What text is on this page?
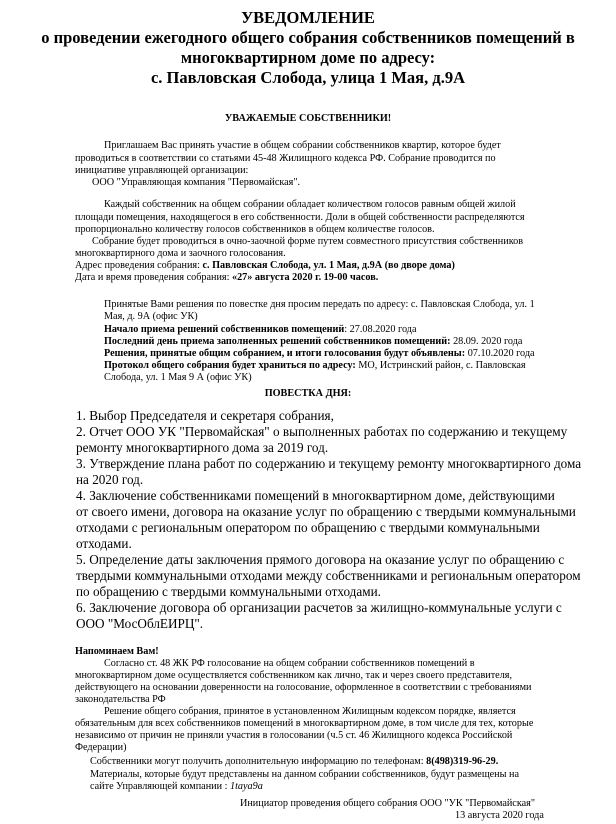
УВЕДОМЛЕНИЕ
о проведении ежегодного общего собрания собственников помещений в
многоквартирном доме по адресу:
с. Павловская Слобода, улица 1 Мая, д.9А
УВАЖАЕМЫЕ СОБСТВЕННИКИ!
Приглашаем Вас принять участие в общем собрании собственников квартир, которое будет
проводиться в соответствии со статьями 45-48 Жилищного кодекса РФ. Собрание проводится по
инициативе управляющей организации:
ООО "Управляющая компания "Первомайская".
Каждый собственник на общем собрании обладает количеством голосов равным общей жилой
площади помещения, находящегося в его собственности. Доли в общей собственности распределяются
пропорционально количеству голосов собственников в общем количестве голосов.
Собрание будет проводиться в очно-заочной форме путем совместного присутствия собственников
многоквартирного дома и заочного голосования.
Адрес проведения собрания: с. Павловская Слобода, ул. 1 Мая, д.9А (во дворе дома)
Дата и время проведения собрания: «27» августа 2020 г. 19-00 часов.
Принятые Вами решения по повестке дня просим передать по адресу: с. Павловская Слобода, ул. 1
Мая, д. 9А (офис УК)
Начало приема решений собственников помещений: 27.08.2020 года
Последний день приема заполненных решений собственников помещений: 28.09. 2020 года
Решения, принятые общим собранием, и итоги голосования будут объявлены: 07.10.2020 года
Протокол общего собрания будет храниться по адресу: МО, Истринский район, с. Павловская
Слобода, ул. 1 Мая 9 А (офис УК)
ПОВЕСТКА ДНЯ:
1. Выбор Председателя и секретаря собрания,
2. Отчет ООО УК "Первомайская" о выполненных работах по содержанию и текущему
ремонту многоквартирного дома за 2019 год.
3. Утверждение плана работ по содержанию и текущему ремонту многоквартирного дома
на 2020 год.
4. Заключение собственниками помещений в многоквартирном доме, действующими
от своего имени, договора на оказание услуг по обращению с твердыми коммунальными
отходами с региональным оператором по обращению с твердыми коммунальными
отходами.
5. Определение даты заключения прямого договора на оказание услуг по обращению с
твердыми коммунальными отходами между собственниками и региональным оператором
по обращению с твердыми коммунальными отходами.
6. Заключение договора об организации расчетов за жилищно-коммунальные услуги с
ООО "МосОблЕИРЦ".
Напоминаем Вам!
Согласно ст. 48 ЖК РФ голосование на общем собрании собственников помещений в
многоквартирном доме осуществляется собственником как лично, так и через своего представителя,
действующего на основании доверенности на голосование, оформленное в соответствии с требованиями
законодательства РФ
Решение общего собрания, принятое в установленном Жилищным кодексом порядке, является
обязательным для всех собственников помещений в многоквартирном доме, в том числе для тех, которые
независимо от причин не приняли участия в голосовании (ч.5 ст. 46 Жилищного кодекса Российской
Федерации)
Собственники могут получить дополнительную информацию по телефонам: 8(498)319-96-29.
Материалы, которые будут представлены на данном собрании собственников, будут размещены на
сайте Управляющей компании : 1taya9a
Инициатор проведения общего собрания ООО "УК "Первомайская"
13 августа 2020 года
